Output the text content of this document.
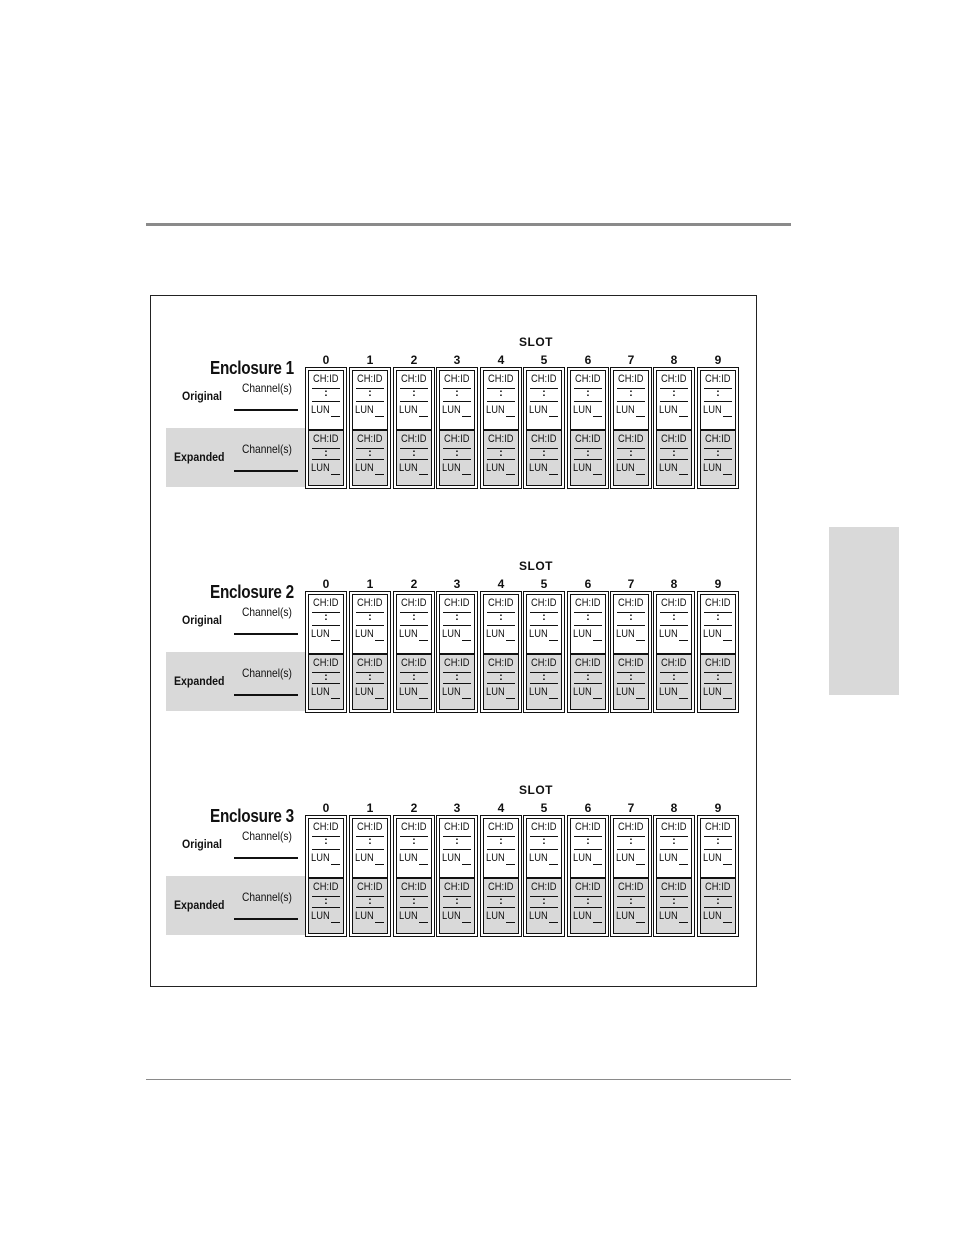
SLOT
Enclosure 1
Original
Channel(s)
Expanded
Channel(s)
0
CH:ID
:
LUN
CH:ID
:
LUN
1
CH:ID
:
LUN
CH:ID
:
LUN
2
CH:ID
:
LUN
CH:ID
:
LUN
3
CH:ID
:
LUN
CH:ID
:
LUN
4
CH:ID
:
LUN
CH:ID
:
LUN
5
CH:ID
:
LUN
CH:ID
:
LUN
6
CH:ID
:
LUN
CH:ID
:
LUN
7
CH:ID
:
LUN
CH:ID
:
LUN
8
CH:ID
:
LUN
CH:ID
:
LUN
9
CH:ID
:
LUN
CH:ID
:
LUN
SLOT
Enclosure 2
Original
Channel(s)
Expanded
Channel(s)
0
CH:ID
:
LUN
CH:ID
:
LUN
1
CH:ID
:
LUN
CH:ID
:
LUN
2
CH:ID
:
LUN
CH:ID
:
LUN
3
CH:ID
:
LUN
CH:ID
:
LUN
4
CH:ID
:
LUN
CH:ID
:
LUN
5
CH:ID
:
LUN
CH:ID
:
LUN
6
CH:ID
:
LUN
CH:ID
:
LUN
7
CH:ID
:
LUN
CH:ID
:
LUN
8
CH:ID
:
LUN
CH:ID
:
LUN
9
CH:ID
:
LUN
CH:ID
:
LUN
SLOT
Enclosure 3
Original
Channel(s)
Expanded
Channel(s)
0
CH:ID
:
LUN
CH:ID
:
LUN
1
CH:ID
:
LUN
CH:ID
:
LUN
2
CH:ID
:
LUN
CH:ID
:
LUN
3
CH:ID
:
LUN
CH:ID
:
LUN
4
CH:ID
:
LUN
CH:ID
:
LUN
5
CH:ID
:
LUN
CH:ID
:
LUN
6
CH:ID
:
LUN
CH:ID
:
LUN
7
CH:ID
:
LUN
CH:ID
:
LUN
8
CH:ID
:
LUN
CH:ID
:
LUN
9
CH:ID
:
LUN
CH:ID
:
LUN
